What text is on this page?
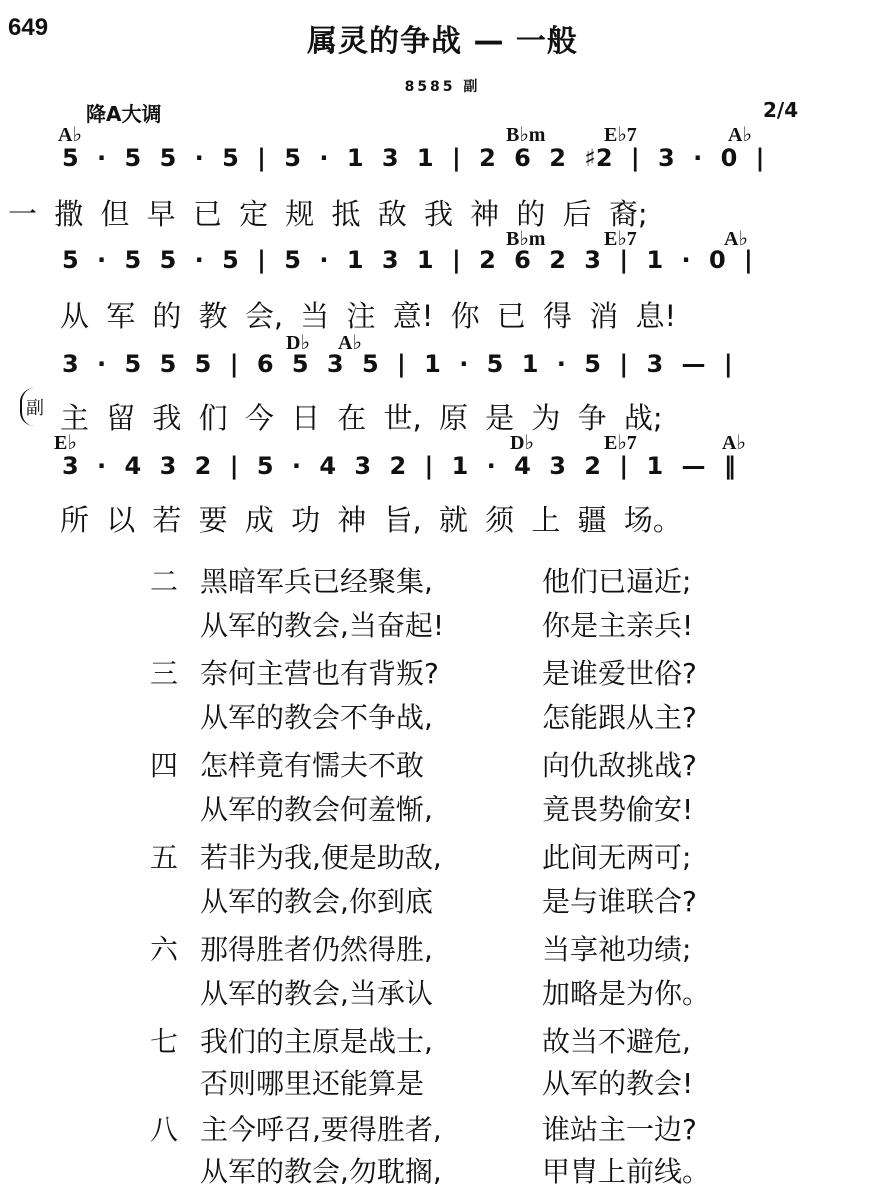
649	属灵的争战 — 一般
8585 副
降A大调	2/4
A♭	B♭m	E♭7	A♭
5 · 5 5 · 5 | 5 · 1 3 1 | 2 6 2 ♯2 | 3 · 0 |
一 撒 但 早 已 定 规 抵 敌 我 神 的 后 裔;
B♭m	E♭7	A♭
5 · 5 5 · 5 | 5 · 1 3 1 | 2 6 2 3 | 1 · 0 |
从 军 的 教 会, 当 注 意! 你 已 得 消 息!
D♭ A♭
3 · 5 5 5 | 6 5 3 5 | 1 · 5 1 · 5 | 3 — |
副 主 留 我 们 今 日 在 世, 原 是 为 争 战;
E♭	D♭	E♭7	A♭
3 · 4 3 2 | 5 · 4 3 2 | 1 · 4 3 2 | 1 — ‖
所 以 若 要 成 功 神 旨, 就 须 上 疆 场。
二 黑暗军兵已经聚集,	他们已逼近;
从军的教会,当奋起!	你是主亲兵!
三 奈何主营也有背叛?	是谁爱世俗?
从军的教会不争战,	怎能跟从主?
四 怎样竟有懦夫不敢	向仇敌挑战?
从军的教会何羞惭,	竟畏势偷安!
五 若非为我,便是助敌,	此间无两可;
从军的教会,你到底	是与谁联合?
六 那得胜者仍然得胜,	当享祂功绩;
从军的教会,当承认	加略是为你。
七 我们的主原是战士,	故当不避危,
否则哪里还能算是	从军的教会!
八 主今呼召,要得胜者,	谁站主一边?
从军的教会,勿耽搁,	甲胄上前线。
